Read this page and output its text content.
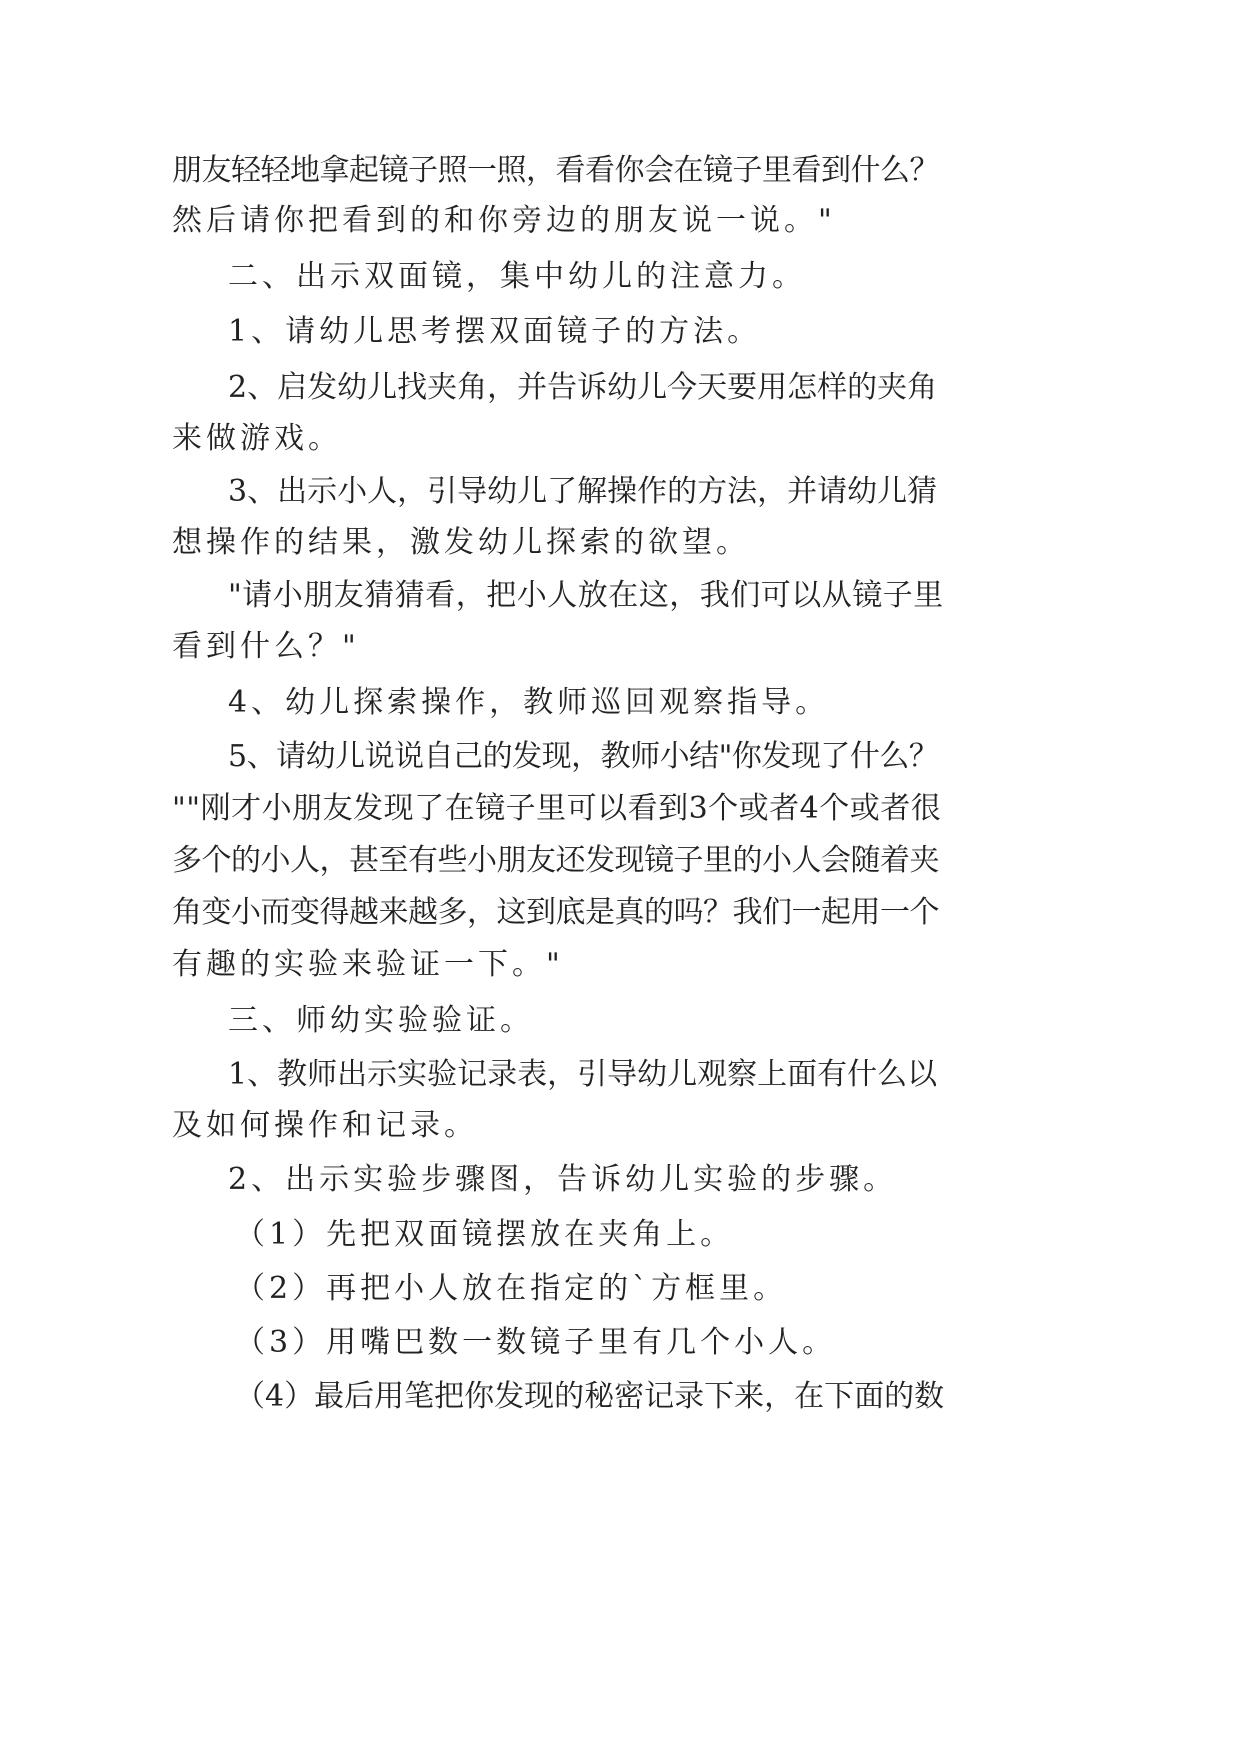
朋友轻轻地拿起镜子照一照，看看你会在镜子里看到什么？
然后请你把看到的和你旁边的朋友说一说。"
二、出示双面镜，集中幼儿的注意力。
1、请幼儿思考摆双面镜子的方法。
2、启发幼儿找夹角，并告诉幼儿今天要用怎样的夹角
来做游戏。
3、出示小人，引导幼儿了解操作的方法，并请幼儿猜
想操作的结果，激发幼儿探索的欲望。
"请小朋友猜猜看，把小人放在这，我们可以从镜子里
看到什么？"
4、幼儿探索操作，教师巡回观察指导。
5、请幼儿说说自己的发现，教师小结"你发现了什么？
""刚才小朋友发现了在镜子里可以看到3个或者4个或者很
多个的小人，甚至有些小朋友还发现镜子里的小人会随着夹
角变小而变得越来越多，这到底是真的吗？我们一起用一个
有趣的实验来验证一下。"
三、师幼实验验证。
1、教师出示实验记录表，引导幼儿观察上面有什么以
及如何操作和记录。
2、出示实验步骤图，告诉幼儿实验的步骤。
（1）先把双面镜摆放在夹角上。
（2）再把小人放在指定的`方框里。
（3）用嘴巴数一数镜子里有几个小人。
（4）最后用笔把你发现的秘密记录下来，在下面的数
